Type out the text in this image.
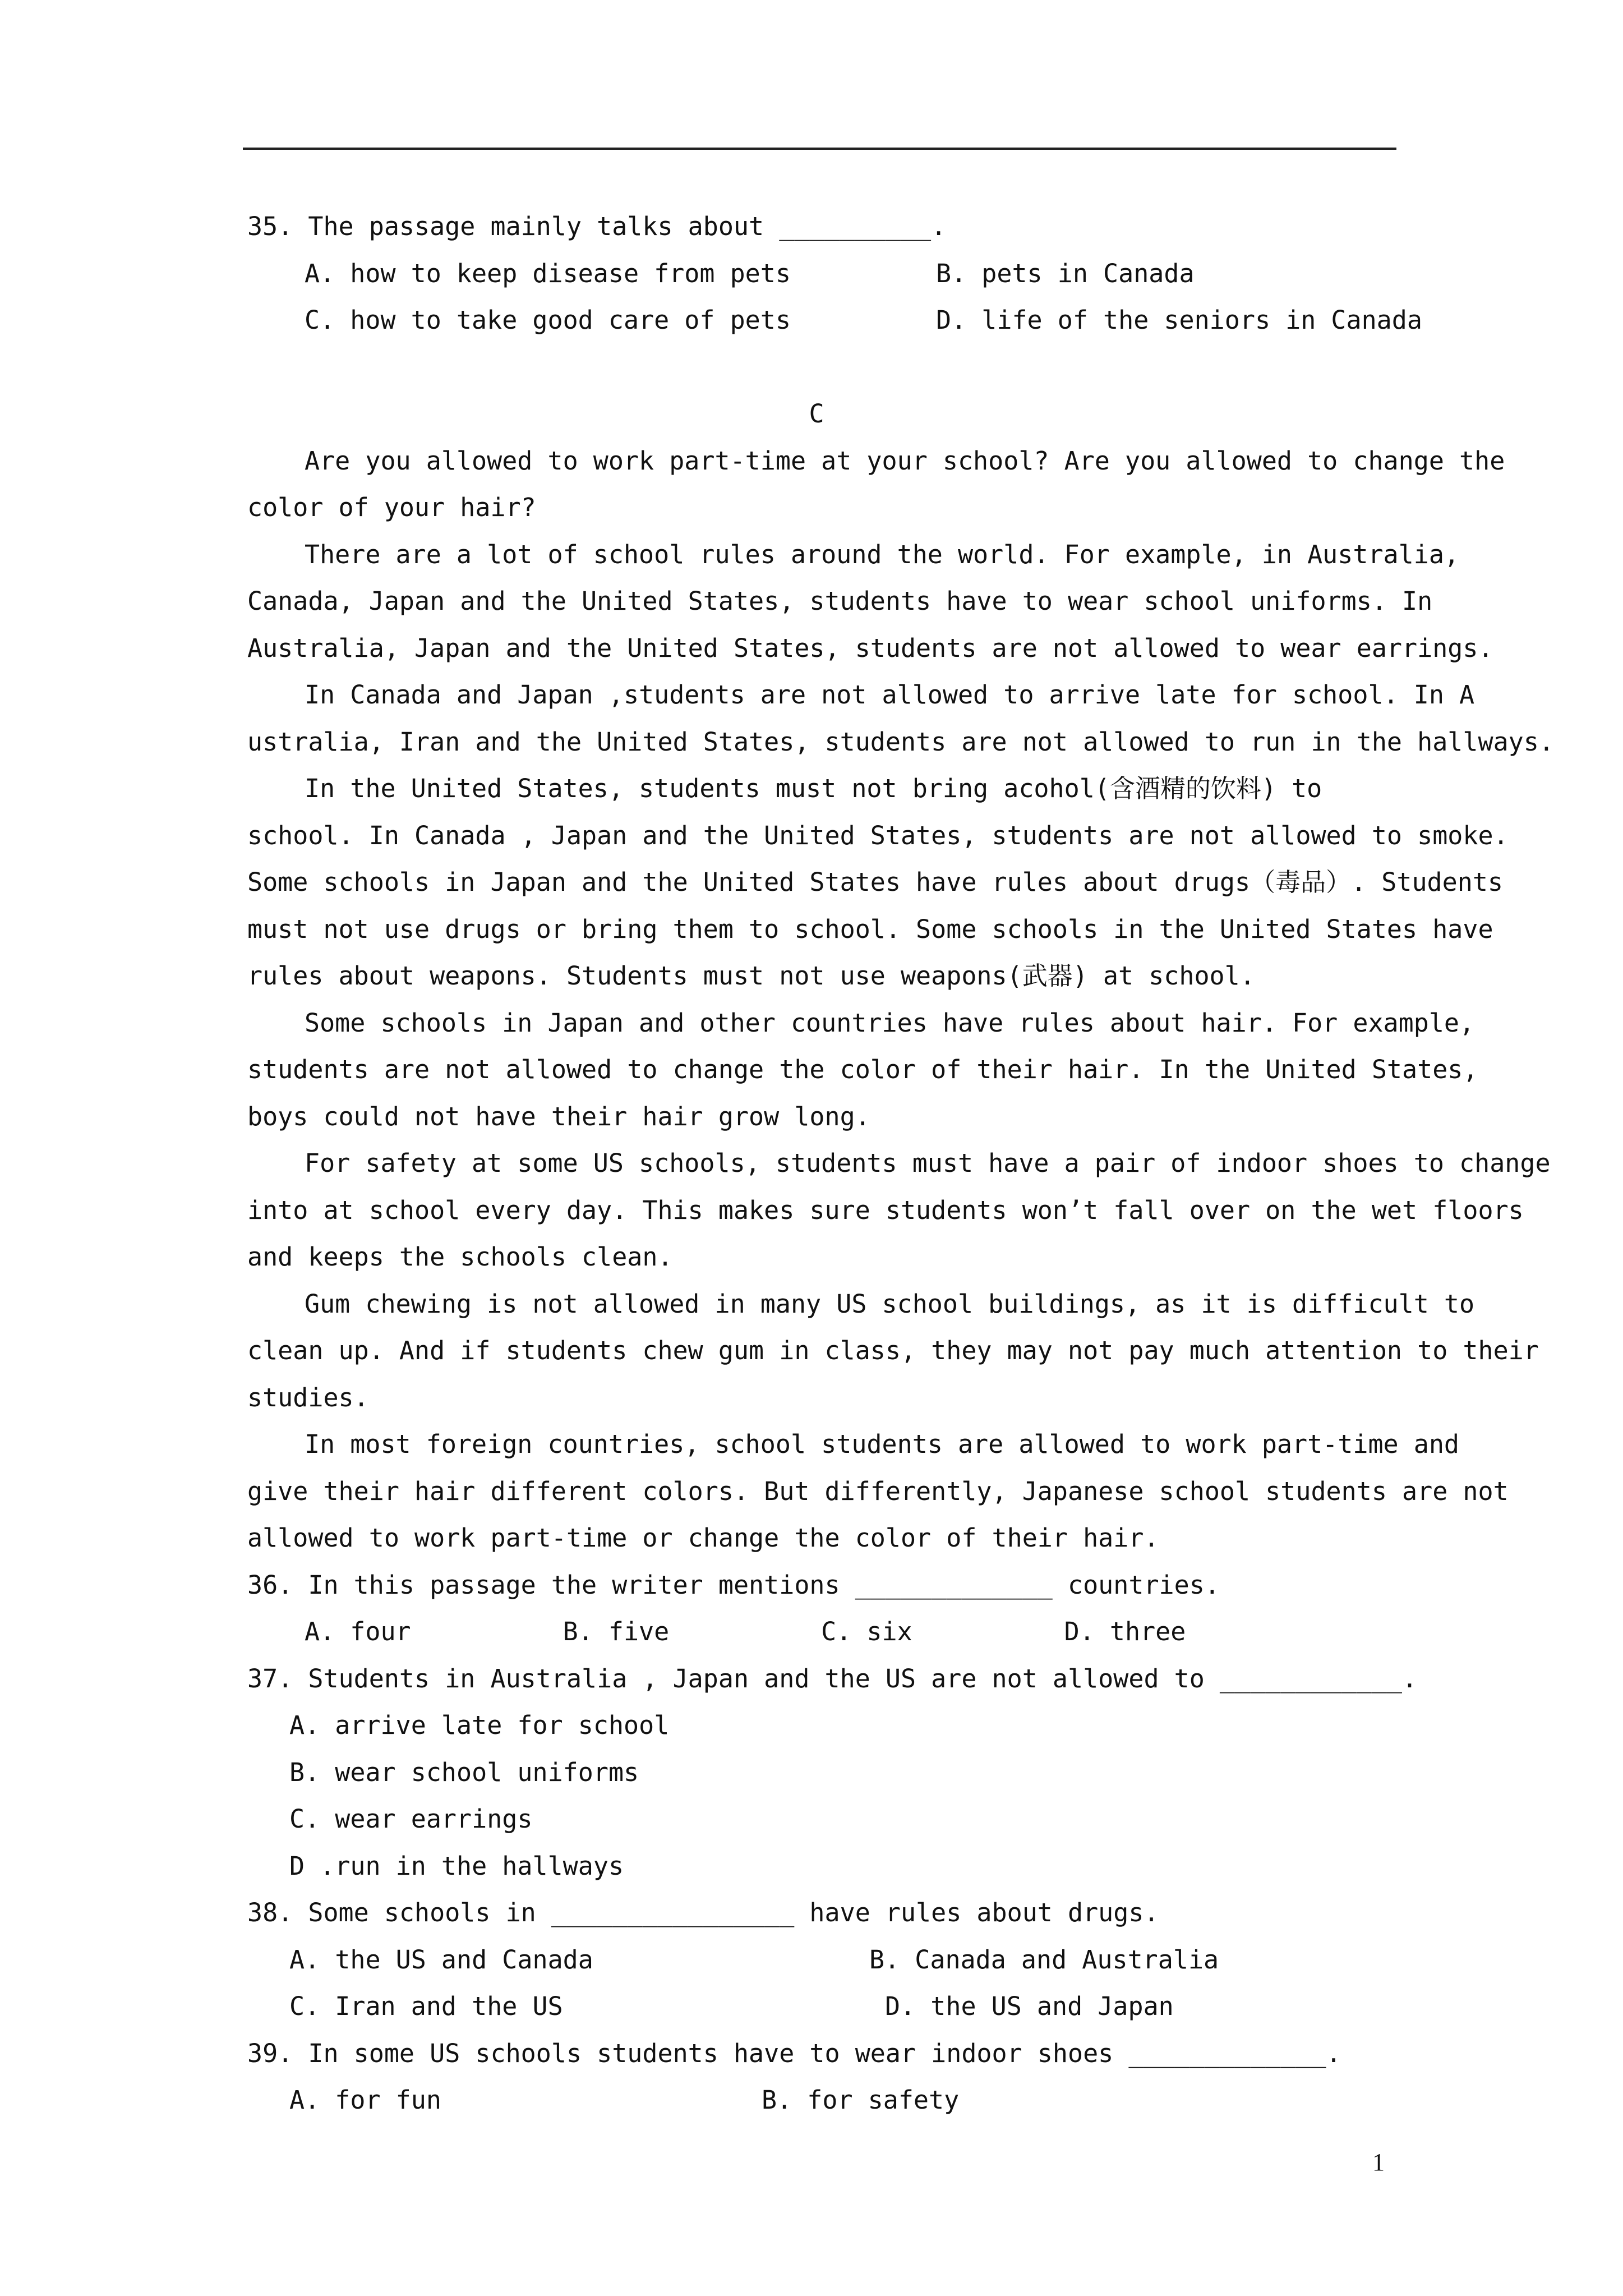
35. The passage mainly talks about __________.
A. how to keep disease from pets	B. pets in Canada
C. how to take good care of pets	D. life of the seniors in Canada
C
Are you allowed to work part-time at your school? Are you allowed to change the
color of your hair?
There are a lot of school rules around the world. For example, in Australia,
Canada, Japan and the United States, students have to wear school uniforms. In
Australia, Japan and the United States, students are not allowed to wear earrings.
In Canada and Japan ,students are not allowed to arrive late for school. In A
ustralia, Iran and the United States, students are not allowed to run in the hallways.
In the United States, students must not bring acohol(含酒精的饮料) to
school. In Canada , Japan and the United States, students are not allowed to smoke.
Some schools in Japan and the United States have rules about drugs（毒品）. Students
must not use drugs or bring them to school. Some schools in the United States have
rules about weapons. Students must not use weapons(武器) at school.
Some schools in Japan and other countries have rules about hair. For example,
students are not allowed to change the color of their hair. In the United States,
boys could not have their hair grow long.
For safety at some US schools, students must have a pair of indoor shoes to change
into at school every day. This makes sure students won’t fall over on the wet floors
and keeps the schools clean.
Gum chewing is not allowed in many US school buildings, as it is difficult to
clean up. And if students chew gum in class, they may not pay much attention to their
studies.
In most foreign countries, school students are allowed to work part-time and
give their hair different colors. But differently, Japanese school students are not
allowed to work part-time or change the color of their hair.
36. In this passage the writer mentions _____________ countries.
A. four          B. five          C. six          D. three
37. Students in Australia , Japan and the US are not allowed to ____________.
A. arrive late for school
B. wear school uniforms
C. wear earrings
D .run in the hallways
38. Some schools in ________________ have rules about drugs.
A. the US and Canada	B. Canada and Australia
C. Iran and the US	D. the US and Japan
39. In some US schools students have to wear indoor shoes _____________.
A. for fun	B. for safety
1
